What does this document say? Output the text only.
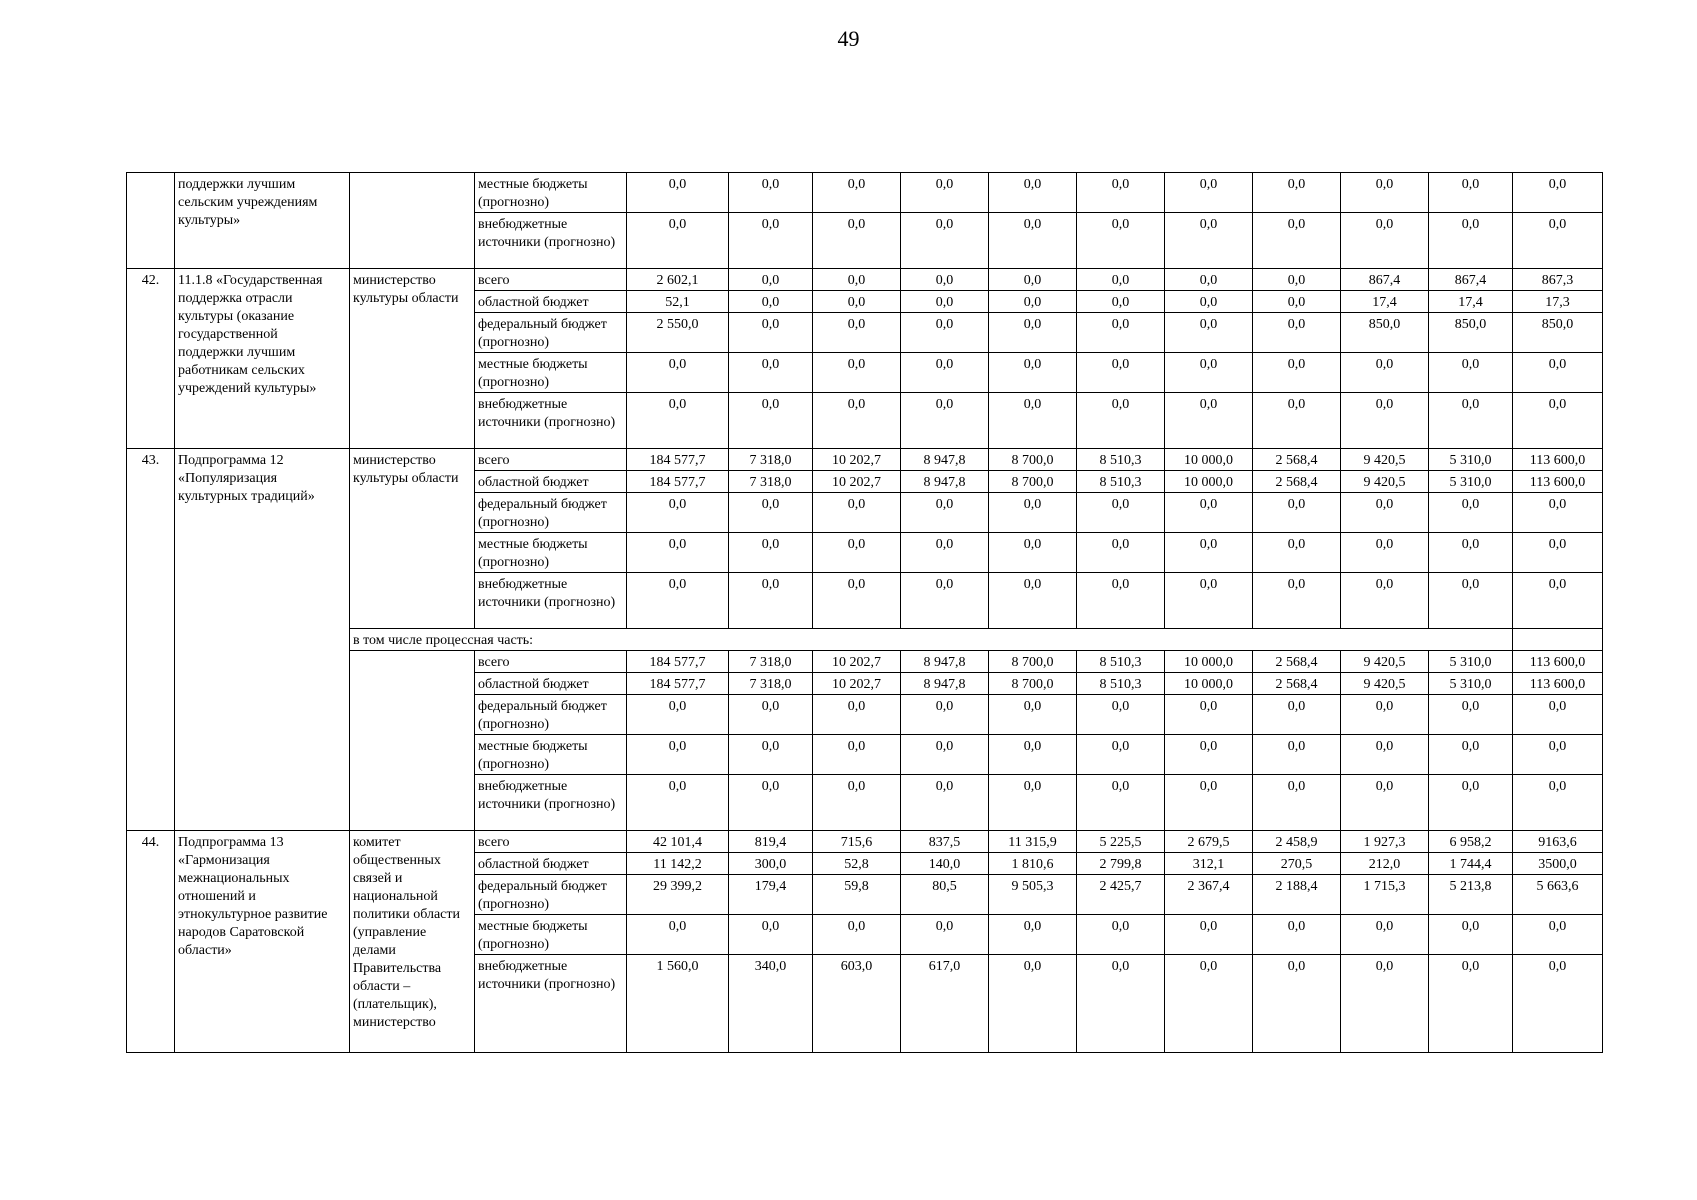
49
	поддержки лучшим сельским учреждениям культуры»		местные бюджеты (прогнозно)	0,0	0,0	0,0	0,0	0,0	0,0	0,0	0,0	0,0	0,0	0,0
			внебюджетные источники (прогнозно)	0,0	0,0	0,0	0,0	0,0	0,0	0,0	0,0	0,0	0,0	0,0
42.	11.1.8 «Государственная поддержка отрасли культуры (оказание государственной поддержки лучшим работникам сельских учреждений культуры»	министерство культуры области	всего	2 602,1	0,0	0,0	0,0	0,0	0,0	0,0	0,0	867,4	867,4	867,3
			областной бюджет	52,1	0,0	0,0	0,0	0,0	0,0	0,0	0,0	17,4	17,4	17,3
			федеральный бюджет (прогнозно)	2 550,0	0,0	0,0	0,0	0,0	0,0	0,0	0,0	850,0	850,0	850,0
			местные бюджеты (прогнозно)	0,0	0,0	0,0	0,0	0,0	0,0	0,0	0,0	0,0	0,0	0,0
			внебюджетные источники (прогнозно)	0,0	0,0	0,0	0,0	0,0	0,0	0,0	0,0	0,0	0,0	0,0
43.	Подпрограмма 12 «Популяризация культурных традиций»	министерство культуры области	всего	184 577,7	7 318,0	10 202,7	8 947,8	8 700,0	8 510,3	10 000,0	2 568,4	9 420,5	5 310,0	113 600,0
			областной бюджет	184 577,7	7 318,0	10 202,7	8 947,8	8 700,0	8 510,3	10 000,0	2 568,4	9 420,5	5 310,0	113 600,0
			федеральный бюджет (прогнозно)	0,0	0,0	0,0	0,0	0,0	0,0	0,0	0,0	0,0	0,0	0,0
			местные бюджеты (прогнозно)	0,0	0,0	0,0	0,0	0,0	0,0	0,0	0,0	0,0	0,0	0,0
			внебюджетные источники (прогнозно)	0,0	0,0	0,0	0,0	0,0	0,0	0,0	0,0	0,0	0,0	0,0
		в том числе процессная часть:												
			всего	184 577,7	7 318,0	10 202,7	8 947,8	8 700,0	8 510,3	10 000,0	2 568,4	9 420,5	5 310,0	113 600,0
			областной бюджет	184 577,7	7 318,0	10 202,7	8 947,8	8 700,0	8 510,3	10 000,0	2 568,4	9 420,5	5 310,0	113 600,0
			федеральный бюджет (прогнозно)	0,0	0,0	0,0	0,0	0,0	0,0	0,0	0,0	0,0	0,0	0,0
			местные бюджеты (прогнозно)	0,0	0,0	0,0	0,0	0,0	0,0	0,0	0,0	0,0	0,0	0,0
			внебюджетные источники (прогнозно)	0,0	0,0	0,0	0,0	0,0	0,0	0,0	0,0	0,0	0,0	0,0
44.	Подпрограмма 13 «Гармонизация межнациональных отношений и этнокультурное развитие народов Саратовской области»	комитет общественных связей и национальной политики области (управление делами Правительства области – (плательщик), министерство	всего	42 101,4	819,4	715,6	837,5	11 315,9	5 225,5	2 679,5	2 458,9	1 927,3	6 958,2	9163,6
			областной бюджет	11 142,2	300,0	52,8	140,0	1 810,6	2 799,8	312,1	270,5	212,0	1 744,4	3500,0
			федеральный бюджет (прогнозно)	29 399,2	179,4	59,8	80,5	9 505,3	2 425,7	2 367,4	2 188,4	1 715,3	5 213,8	5 663,6
			местные бюджеты (прогнозно)	0,0	0,0	0,0	0,0	0,0	0,0	0,0	0,0	0,0	0,0	0,0
			внебюджетные источники (прогнозно)	1 560,0	340,0	603,0	617,0	0,0	0,0	0,0	0,0	0,0	0,0	0,0
